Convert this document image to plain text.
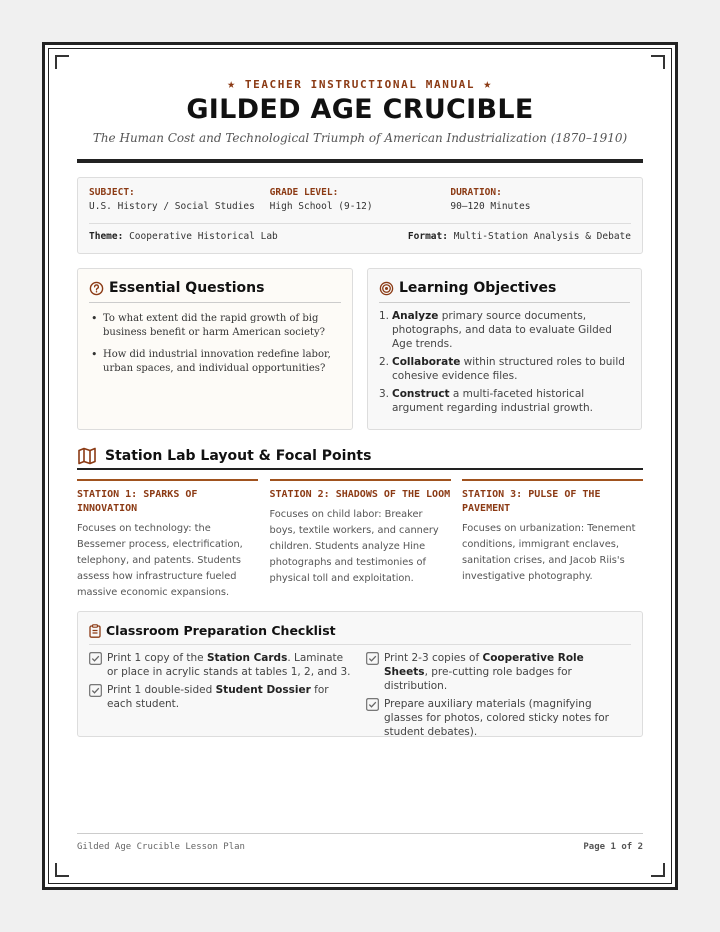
★ TEACHER INSTRUCTIONAL MANUAL ★
GILDED AGE CRUCIBLE
The Human Cost and Technological Triumph of American Industrialization (1870–1910)
SUBJECT:
U.S. History / Social Studies
GRADE LEVEL:
High School (9-12)
DURATION:
90–120 Minutes
Theme: Cooperative Historical Lab	Format: Multi-Station Analysis & Debate
Essential Questions
• To what extent did the rapid growth of big business benefit or harm American society?
• How did industrial innovation redefine labor, urban spaces, and individual opportunities?
Learning Objectives
1. Analyze primary source documents, photographs, and data to evaluate Gilded Age trends.
2. Collaborate within structured roles to build cohesive evidence files.
3. Construct a multi-faceted historical argument regarding industrial growth.
Station Lab Layout & Focal Points
STATION 1: SPARKS OF INNOVATION
Focuses on technology: the Bessemer process, electrification, telephony, and patents. Students assess how infrastructure fueled massive economic expansions.
STATION 2: SHADOWS OF THE LOOM
Focuses on child labor: Breaker boys, textile workers, and cannery children. Students analyze Hine photographs and testimonies of physical toll and exploitation.
STATION 3: PULSE OF THE PAVEMENT
Focuses on urbanization: Tenement conditions, immigrant enclaves, sanitation crises, and Jacob Riis's investigative photography.
Classroom Preparation Checklist
Print 1 copy of the Station Cards. Laminate or place in acrylic stands at tables 1, 2, and 3.
Print 1 double-sided Student Dossier for each student.
Print 2-3 copies of Cooperative Role Sheets, pre-cutting role badges for distribution.
Prepare auxiliary materials (magnifying glasses for photos, colored sticky notes for student debates).
Gilded Age Crucible Lesson Plan	Page 1 of 2
